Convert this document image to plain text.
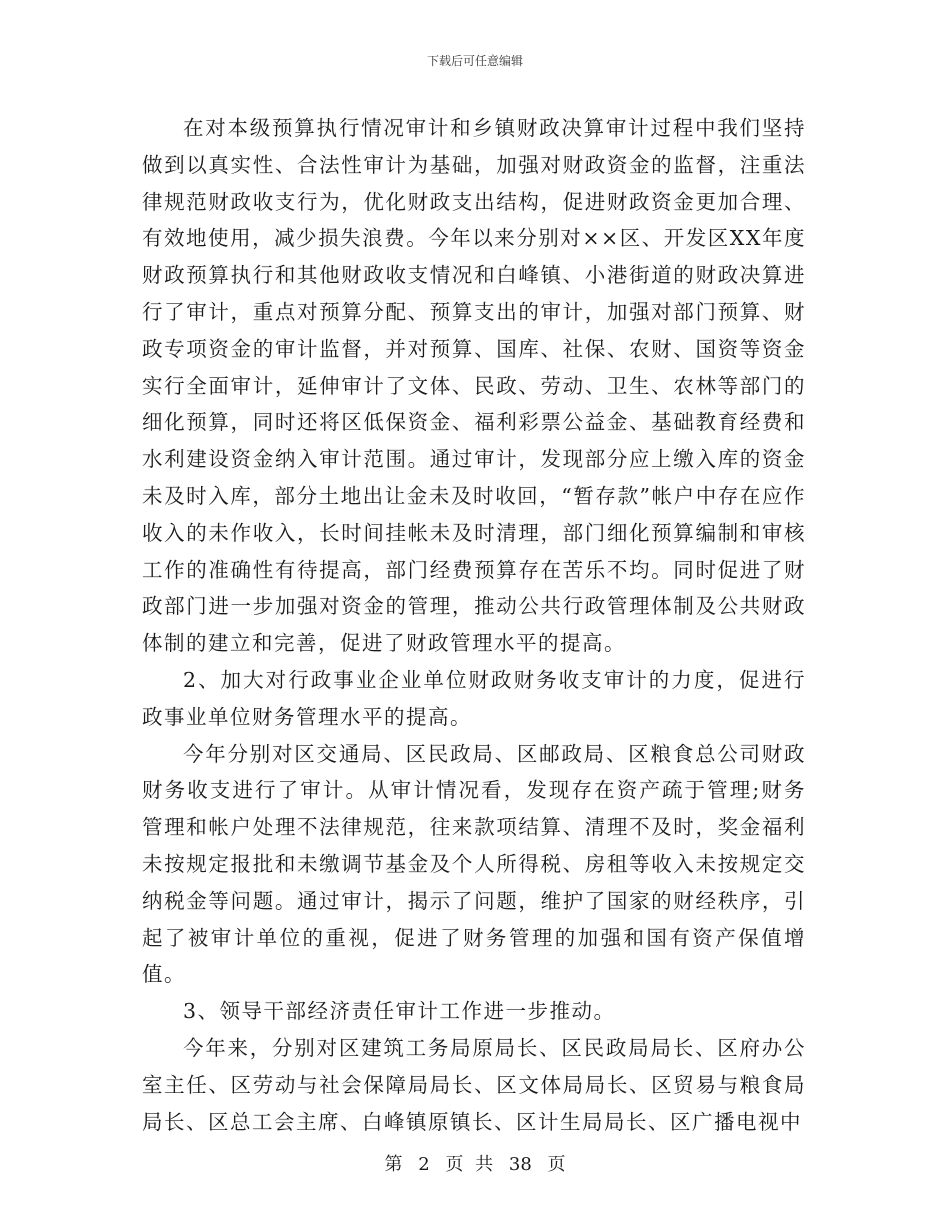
下载后可任意编辑

在对本级预算执行情况审计和乡镇财政决算审计过程中我们坚持做到以真实性、合法性审计为基础，加强对财政资金的监督，注重法律规范财政收支行为，优化财政支出结构，促进财政资金更加合理、有效地使用，减少损失浪费。今年以来分别对××区、开发区XX年度财政预算执行和其他财政收支情况和白峰镇、小港街道的财政决算进行了审计，重点对预算分配、预算支出的审计，加强对部门预算、财政专项资金的审计监督，并对预算、国库、社保、农财、国资等资金实行全面审计，延伸审计了文体、民政、劳动、卫生、农林等部门的细化预算，同时还将区低保资金、福利彩票公益金、基础教育经费和水利建设资金纳入审计范围。通过审计，发现部分应上缴入库的资金未及时入库，部分土地出让金未及时收回，“暂存款”帐户中存在应作收入的未作收入，长时间挂帐未及时清理，部门细化预算编制和审核工作的准确性有待提高，部门经费预算存在苦乐不均。同时促进了财政部门进一步加强对资金的管理，推动公共行政管理体制及公共财政体制的建立和完善，促进了财政管理水平的提高。

2、加大对行政事业企业单位财政财务收支审计的力度，促进行政事业单位财务管理水平的提高。

今年分别对区交通局、区民政局、区邮政局、区粮食总公司财政财务收支进行了审计。从审计情况看，发现存在资产疏于管理;财务管理和帐户处理不法律规范，往来款项结算、清理不及时，奖金福利未按规定报批和未缴调节基金及个人所得税、房租等收入未按规定交纳税金等问题。通过审计，揭示了问题，维护了国家的财经秩序，引起了被审计单位的重视，促进了财务管理的加强和国有资产保值增值。

3、领导干部经济责任审计工作进一步推动。

今年来，分别对区建筑工务局原局长、区民政局局长、区府办公室主任、区劳动与社会保障局局长、区文体局局长、区贸易与粮食局局长、区总工会主席、白峰镇原镇长、区计生局局长、区广播电视中

第 2 页 共 38 页
